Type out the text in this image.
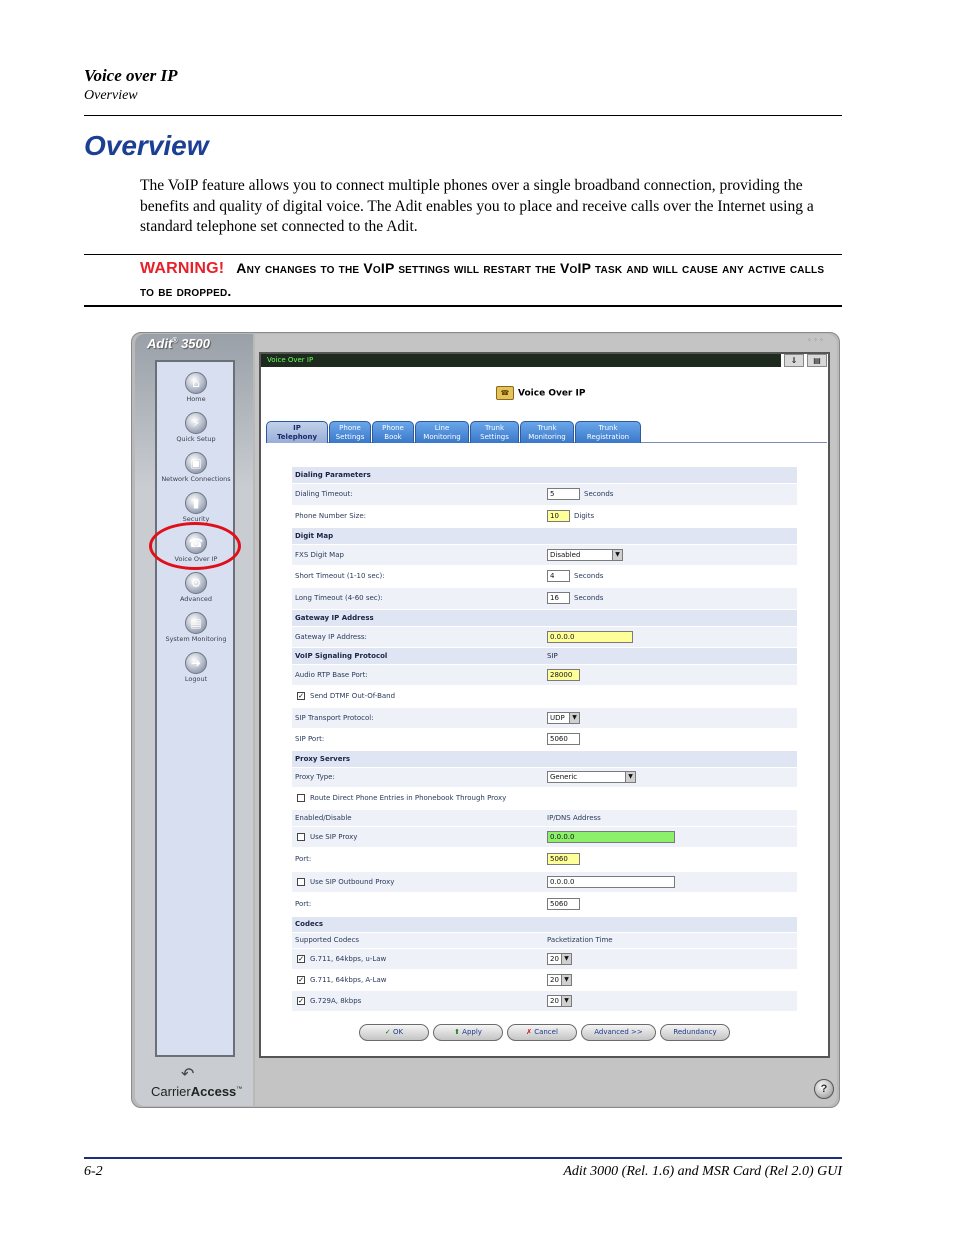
Voice over IP
Overview
Overview
The VoIP feature allows you to connect multiple phones over a single broadband connection, providing the benefits and quality of digital voice. The Adit enables you to place and receive calls over the Internet using a standard telephone set connected to the Adit.
WARNING! Any changes to the VoIP settings will restart the VoIP task and will cause any active calls to be dropped.
Adit® 3500
⌂
Home
⚡
Quick Setup
▣
Network Connections
▮
Security
☎
Voice Over IP
⚙
Advanced
▤
System Monitoring
➜
Logout
↶
CarrierAccess™
⁘⁘⁘
Voice Over IP	⇓	▤
☎ Voice Over IP
IP
Telephony
Phone
Settings
Phone
Book
Line
Monitoring
Trunk
Settings
Trunk
Monitoring
Trunk
Registration
Dialing Parameters
Dialing Timeout:	5	Seconds
Phone Number Size:	10	Digits
Digit Map
FXS Digit Map	Disabled	▼
Short Timeout (1-10 sec):	4	Seconds
Long Timeout (4-60 sec):	16	Seconds
Gateway IP Address
Gateway IP Address:	0.0.0.0
VoIP Signaling Protocol	SIP
Audio RTP Base Port:	28000
✓ Send DTMF Out-Of-Band
SIP Transport Protocol:	UDP	▼
SIP Port:	5060
Proxy Servers
Proxy Type:	Generic	▼
Route Direct Phone Entries in Phonebook Through Proxy
Enabled/Disable	IP/DNS Address
Use SIP Proxy	0.0.0.0
Port:	5060
Use SIP Outbound Proxy	0.0.0.0
Port:	5060
Codecs
Supported Codecs	Packetization Time
✓ G.711, 64kbps, u-Law	20 ▼
✓ G.711, 64kbps, A-Law	20 ▼
✓ G.729A, 8kbps	20 ▼
✓ OK	⬆ Apply	✗ Cancel	Advanced >>	Redundancy
?
6-2	Adit 3000 (Rel. 1.6) and MSR Card (Rel 2.0) GUI
